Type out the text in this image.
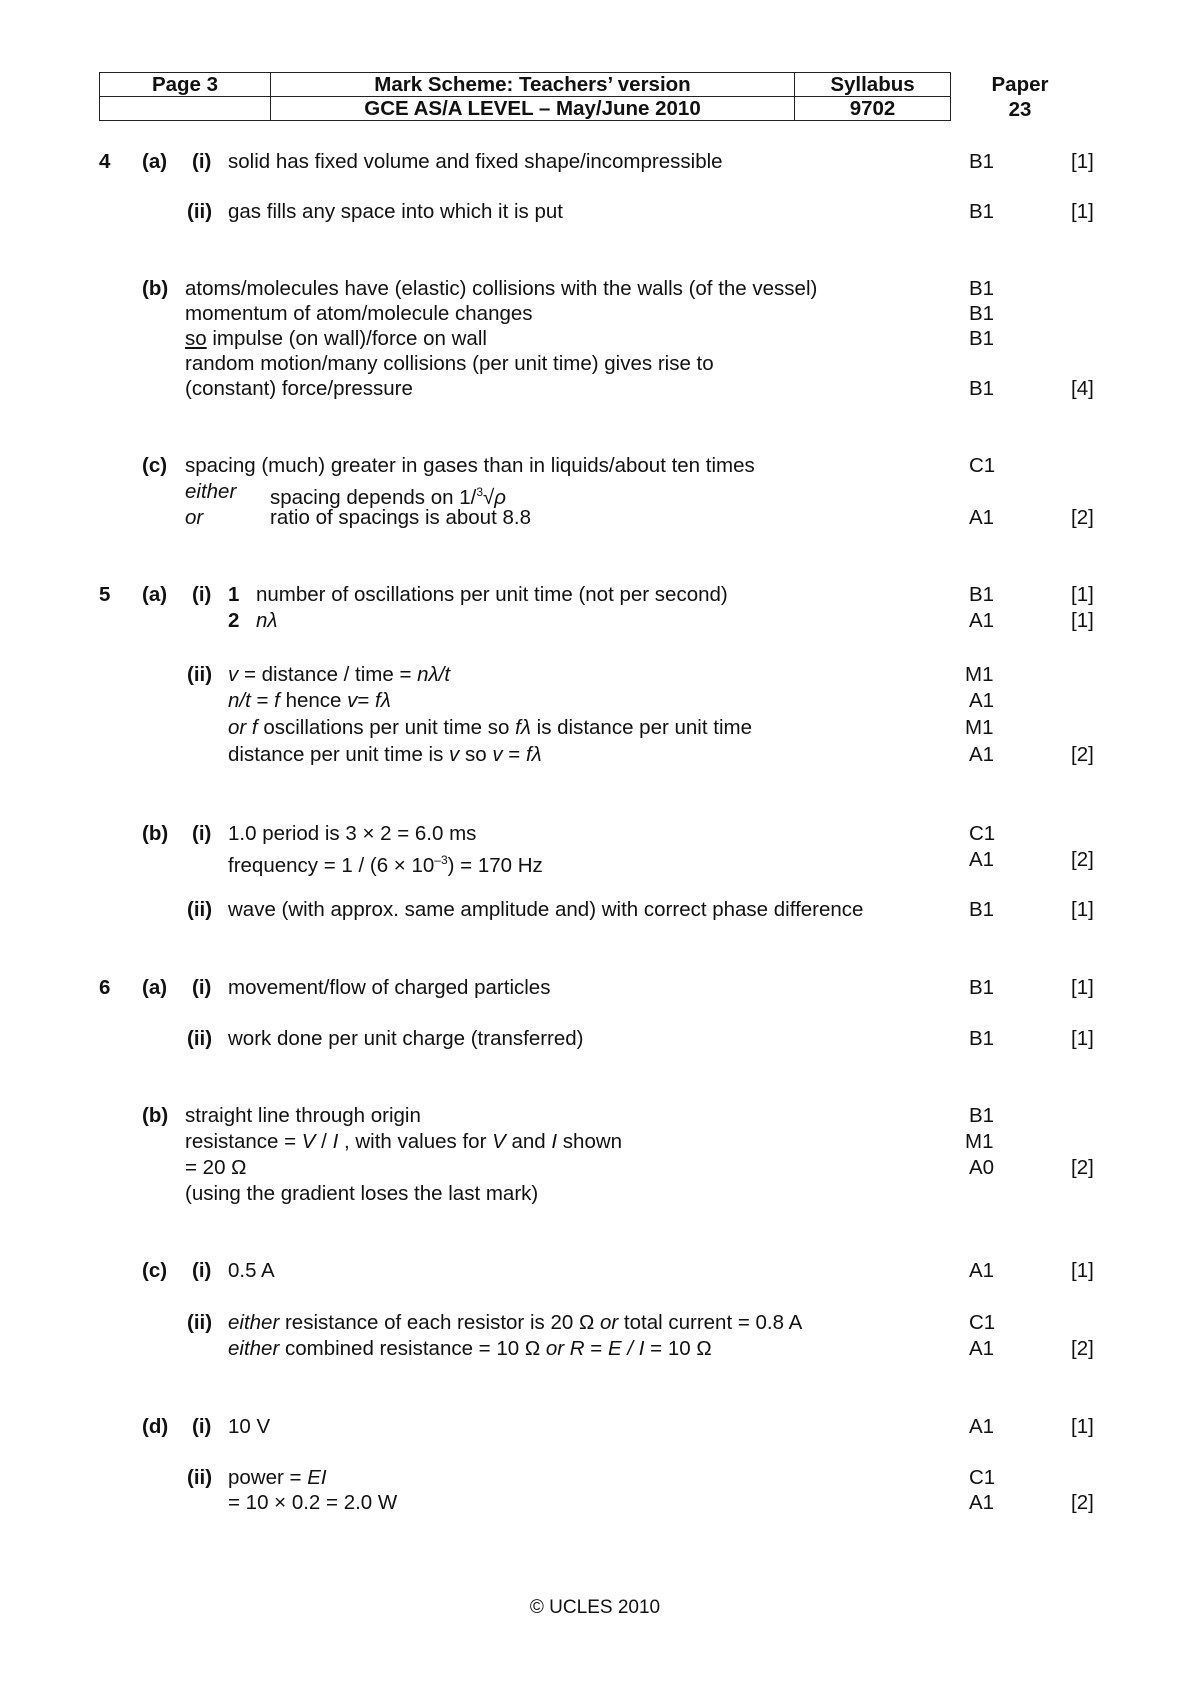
Page 3	Mark Scheme: Teachers’ version	Syllabus
	GCE AS/A LEVEL – May/June 2010	9702
Paper
23
4 (a) (i) solid has fixed volume and fixed shape/incompressible	B1	[1]
(ii) gas fills any space into which it is put	B1	[1]
(b) atoms/molecules have (elastic) collisions with the walls (of the vessel)	B1
momentum of atom/molecule changes	B1
so impulse (on wall)/force on wall	B1
random motion/many collisions (per unit time) gives rise to
(constant) force/pressure	B1	[4]
(c) spacing (much) greater in gases than in liquids/about ten times	C1
either spacing depends on 1/$^3$√ρ
or	ratio of spacings is about 8.8	A1	[2]
5 (a) (i) 1 number of oscillations per unit time (not per second)	B1	[1]
2 nλ	A1	[1]
(ii) v = distance / time = nλ/t	M1
n/t = f hence v= fλ	A1
or f oscillations per unit time so fλ is distance per unit time	M1
distance per unit time is v so v = fλ	A1	[2]
(b) (i) 1.0 period is 3 × 2 = 6.0 ms	C1
frequency = $1 / (6 \times 10^{-3}) = 170$ Hz	A1	[2]
(ii) wave (with approx. same amplitude and) with correct phase difference	B1	[1]
6 (a) (i) movement/flow of charged particles	B1	[1]
(ii) work done per unit charge (transferred)	B1	[1]
(b) straight line through origin	B1
resistance = V / I , with values for V and I shown	M1
= 20 Ω	A0	[2]
(using the gradient loses the last mark)
(c) (i) 0.5 A	A1	[1]
(ii) either resistance of each resistor is 20 Ω or total current = 0.8 A	C1
either combined resistance = 10 Ω or R = E / I = 10 Ω	A1	[2]
(d) (i) 10 V	A1	[1]
(ii) power = EI	C1
= 10 × 0.2 = 2.0 W	A1	[2]
© UCLES 2010
